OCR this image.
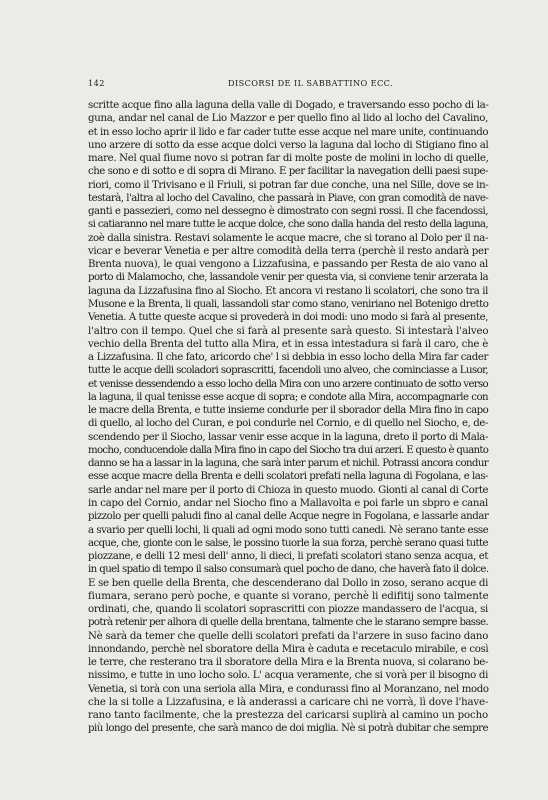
142	DISCORSI DE IL SABBATTINO ECC.
scritte acque fino alla laguna della valle di Dogado, e traversando esso pocho di la-
guna, andar nel canal de Lio Mazzor e per quello fino al lido al locho del Cavalino,
et in esso locho aprir il lido e far cader tutte esse acque nel mare unite, continuando
uno arzere di sotto da esse acque dolci verso la laguna dal locho di Stigiano fino al
mare. Nel qual fiume novo si potran far di molte poste de molini in locho di quelle,
che sono e di sotto e di sopra di Mirano. E per facilitar la navegation delli paesi supe-
riori, como il Trivisano e il Friuli, si potran far due conche, una nel Sille, dove se in-
testarà, l'altra al locho del Cavalino, che passarà in Piave, con gran comodità de nave-
ganti e passezieri, como nel dessegno è dimostrato con segni rossi. Il che facendossi,
si catiaranno nel mare tutte le acque dolce, che sono dalla handa del resto della laguna,
zoè dalla sinistra. Restavi solamente le acque macre, che si torano al Dolo per il na-
vicar e beverar Venetia e per altre comodità della terra (perchè il resto andarà per
Brenta nuova), le quai vengono a Lizzafusina, e passando per Resta de aio vano al
porto di Malamocho, che, lassandole venir per questa via, si conviene tenir arzerata la
laguna da Lizzafusina fino al Siocho. Et ancora vi restano li scolatori, che sono tra il
Musone e la Brenta, li quali, lassandoli star como stano, veniriano nel Botenigo dretto
Venetia. A tutte queste acque si provederà in doi modi: uno modo si farà al presente,
l'altro con il tempo. Quel che si farà al presente sarà questo. Si intestarà l'alveo
vechio della Brenta del tutto alla Mira, et in essa intestadura si farà il caro, che è
a Lizzafusina. Il che fato, aricordo che' l si debbia in esso locho della Mira far cader
tutte le acque delli scoladori soprascritti, facendoli uno alveo, che cominciasse a Lusor,
et venisse dessendendo a esso locho della Mira con uno arzere continuato de sotto verso
la laguna, il qual tenisse esse acque di sopra; e condote alla Mira, accompagnarle con
le macre della Brenta, e tutte insieme condurle per il sborador della Mira fino in capo
di quello, al locho del Curan, e poi condurle nel Cornio, e di quello nel Siocho, e, de-
scendendo per il Siocho, lassar venir esse acque in la laguna, dreto il porto di Mala-
mocho, conducendole dalla Mira fino in capo del Siocho tra dui arzeri. E questo è quanto
danno se ha a lassar in la laguna, che sarà inter parum et nichil. Potrassi ancora condur
esse acque macre della Brenta e delli scolatori prefati nella laguna di Fogolana, e las-
sarle andar nel mare per il porto di Chioza in questo muodo. Gionti al canal di Corte
in capo del Cornio, andar nel Siocho fino a Mallavolta e poi farle un sbpro e canal
pizzolo per quelli paludi fino al canal delle Acque negre in Fogolana, e lassarle andar
a svario per quelli lochi, li quali ad ogni modo sono tutti canedi. Nè serano tante esse
acque, che, gionte con le salse, le possino tuorle la sua forza, perchè serano quasi tutte
piozzane, e delli 12 mesi dell' anno, li dieci, li prefati scolatori stano senza acqua, et
in quel spatio di tempo il salso consumarà quel pocho de dano, che haverà fato il dolce.
E se ben quelle della Brenta, che descenderano dal Dollo in zoso, serano acque di
fiumara, serano però poche, e quante si vorano, perchè li edifitij sono talmente
ordinati, che, quando li scolatori soprascritti con piozze mandassero de l'acqua, si
potrà retenir per alhora di quelle della brentana, talmente che le starano sempre basse.
Nè sarà da temer che quelle delli scolatori prefati da l'arzere in suso facino dano
innondando, perchè nel sboratore della Mira è caduta e recetaculo mirabile, e così
le terre, che resterano tra il sboratore della Mira e la Brenta nuova, si colarano be-
nissimo, e tutte in uno locho solo. L' acqua veramente, che si vorà per il bisogno di
Venetia, si torà con una seriola alla Mira, e condurassi fino al Moranzano, nel modo
che la si tolle a Lizzafusina, e là anderassi a caricare chi ne vorrà, lì dove l'have-
rano tanto facilmente, che la prestezza del caricarsi suplirà al camino un pocho
più longo del presente, che sarà manco de doi miglia. Nè si potrà dubitar che sempre
